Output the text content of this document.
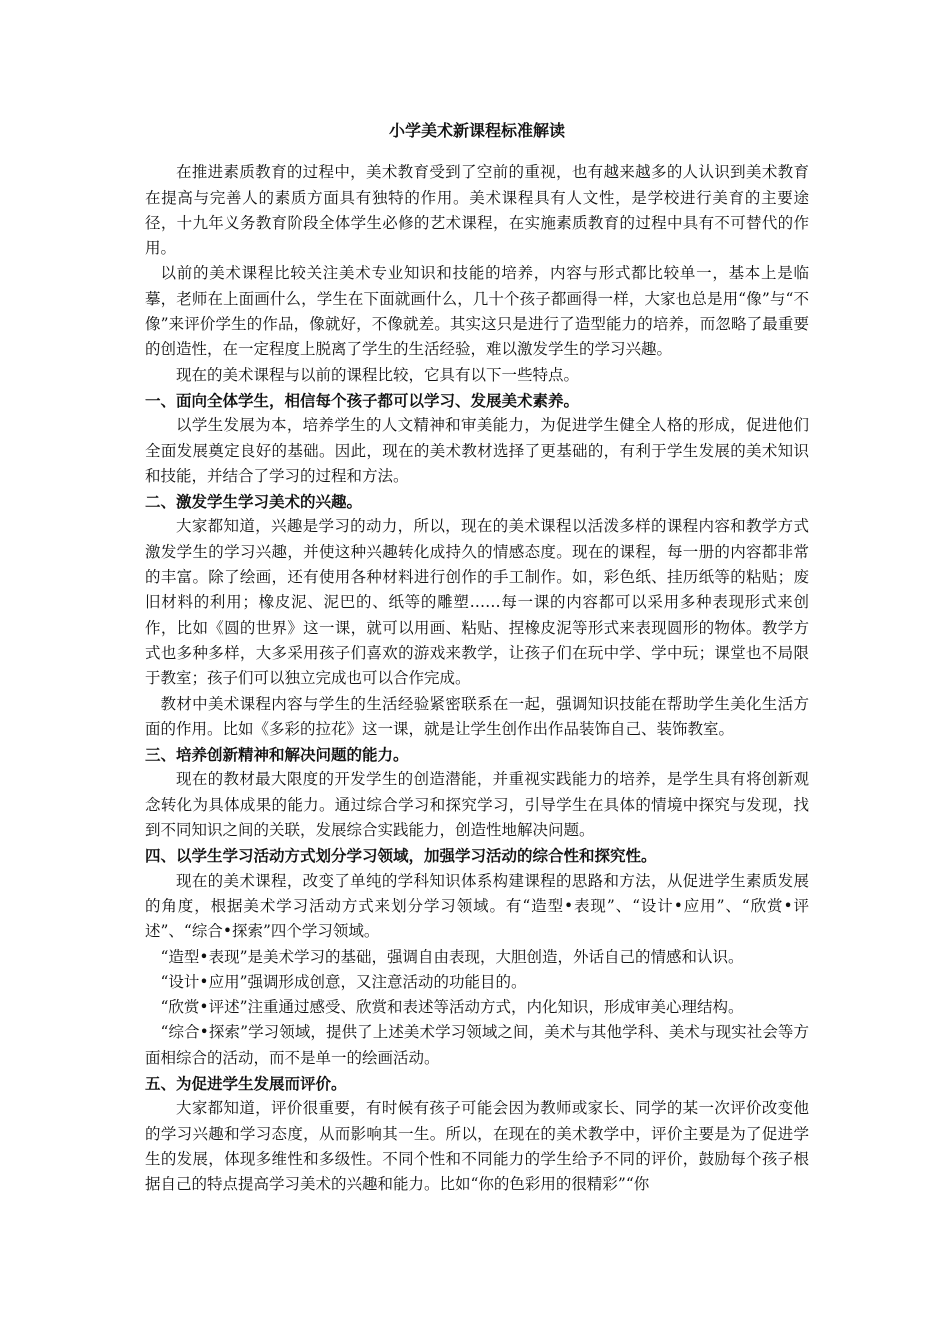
小学美术新课程标准解读

在推进素质教育的过程中，美术教育受到了空前的重视，也有越来越多的人认识到美术教育在提高与完善人的素质方面具有独特的作用。美术课程具有人文性，是学校进行美育的主要途径，十九年义务教育阶段全体学生必修的艺术课程，在实施素质教育的过程中具有不可替代的作用。

以前的美术课程比较关注美术专业知识和技能的培养，内容与形式都比较单一，基本上是临摹，老师在上面画什么，学生在下面就画什么，几十个孩子都画得一样，大家也总是用“像”与“不像”来评价学生的作品，像就好，不像就差。其实这只是进行了造型能力的培养，而忽略了最重要的创造性，在一定程度上脱离了学生的生活经验，难以激发学生的学习兴趣。

现在的美术课程与以前的课程比较，它具有以下一些特点。

一、面向全体学生，相信每个孩子都可以学习、发展美术素养。

以学生发展为本，培养学生的人文精神和审美能力，为促进学生健全人格的形成，促进他们全面发展奠定良好的基础。因此，现在的美术教材选择了更基础的，有利于学生发展的美术知识和技能，并结合了学习的过程和方法。

二、激发学生学习美术的兴趣。

大家都知道，兴趣是学习的动力，所以，现在的美术课程以活泼多样的课程内容和教学方式激发学生的学习兴趣，并使这种兴趣转化成持久的情感态度。现在的课程，每一册的内容都非常的丰富。除了绘画，还有使用各种材料进行创作的手工制作。如，彩色纸、挂历纸等的粘贴；废旧材料的利用；橡皮泥、泥巴的、纸等的雕塑……每一课的内容都可以采用多种表现形式来创作，比如《圆的世界》这一课，就可以用画、粘贴、捏橡皮泥等形式来表现圆形的物体。教学方式也多种多样，大多采用孩子们喜欢的游戏来教学，让孩子们在玩中学、学中玩；课堂也不局限于教室；孩子们可以独立完成也可以合作完成。

教材中美术课程内容与学生的生活经验紧密联系在一起，强调知识技能在帮助学生美化生活方面的作用。比如《多彩的拉花》这一课，就是让学生创作出作品装饰自己、装饰教室。

三、培养创新精神和解决问题的能力。

现在的教材最大限度的开发学生的创造潜能，并重视实践能力的培养，是学生具有将创新观念转化为具体成果的能力。通过综合学习和探究学习，引导学生在具体的情境中探究与发现，找到不同知识之间的关联，发展综合实践能力，创造性地解决问题。

四、以学生学习活动方式划分学习领域，加强学习活动的综合性和探究性。

现在的美术课程，改变了单纯的学科知识体系构建课程的思路和方法，从促进学生素质发展的角度，根据美术学习活动方式来划分学习领域。有“造型•表现”、“设计•应用”、“欣赏•评述”、“综合•探索”四个学习领域。

“造型•表现”是美术学习的基础，强调自由表现，大胆创造，外话自己的情感和认识。

“设计•应用”强调形成创意，又注意活动的功能目的。

“欣赏•评述”注重通过感受、欣赏和表述等活动方式，内化知识，形成审美心理结构。

“综合•探索”学习领域，提供了上述美术学习领域之间，美术与其他学科、美术与现实社会等方面相综合的活动，而不是单一的绘画活动。

五、为促进学生发展而评价。

大家都知道，评价很重要，有时候有孩子可能会因为教师或家长、同学的某一次评价改变他的学习兴趣和学习态度，从而影响其一生。所以，在现在的美术教学中，评价主要是为了促进学生的发展，体现多维性和多级性。不同个性和不同能力的学生给予不同的评价，鼓励每个孩子根据自己的特点提高学习美术的兴趣和能力。比如“你的色彩用的很精彩”“你
